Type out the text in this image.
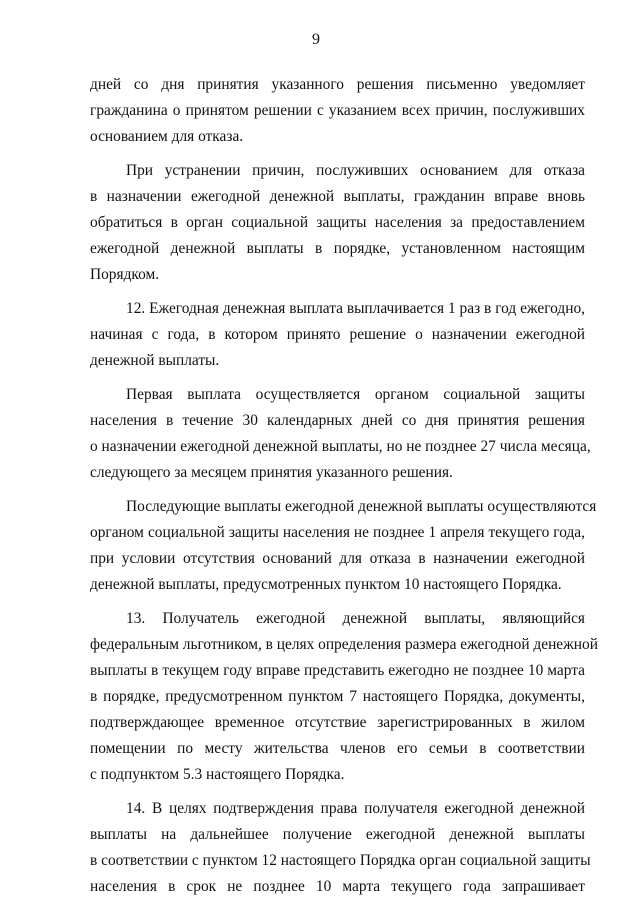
9
дней со дня принятия указанного решения письменно уведомляет
гражданина о принятом решении с указанием всех причин, послуживших
основанием для отказа.
При устранении причин, послуживших основанием для отказа
в назначении ежегодной денежной выплаты, гражданин вправе вновь
обратиться в орган социальной защиты населения за предоставлением
ежегодной денежной выплаты в порядке, установленном настоящим
Порядком.
12. Ежегодная денежная выплата выплачивается 1 раз в год ежегодно,
начиная с года, в котором принято решение о назначении ежегодной
денежной выплаты.
Первая выплата осуществляется органом социальной защиты
населения в течение 30 календарных дней со дня принятия решения
о назначении ежегодной денежной выплаты, но не позднее 27 числа месяца,
следующего за месяцем принятия указанного решения.
Последующие выплаты ежегодной денежной выплаты осуществляются
органом социальной защиты населения не позднее 1 апреля текущего года,
при условии отсутствия оснований для отказа в назначении ежегодной
денежной выплаты, предусмотренных пунктом 10 настоящего Порядка.
13. Получатель ежегодной денежной выплаты, являющийся
федеральным льготником, в целях определения размера ежегодной денежной
выплаты в текущем году вправе представить ежегодно не позднее 10 марта
в порядке, предусмотренном пунктом 7 настоящего Порядка, документы,
подтверждающее временное отсутствие зарегистрированных в жилом
помещении по месту жительства членов его семьи в соответствии
с подпунктом 5.3 настоящего Порядка.
14. В целях подтверждения права получателя ежегодной денежной
выплаты на дальнейшее получение ежегодной денежной выплаты
в соответствии с пунктом 12 настоящего Порядка орган социальной защиты
населения в срок не позднее 10 марта текущего года запрашивает
